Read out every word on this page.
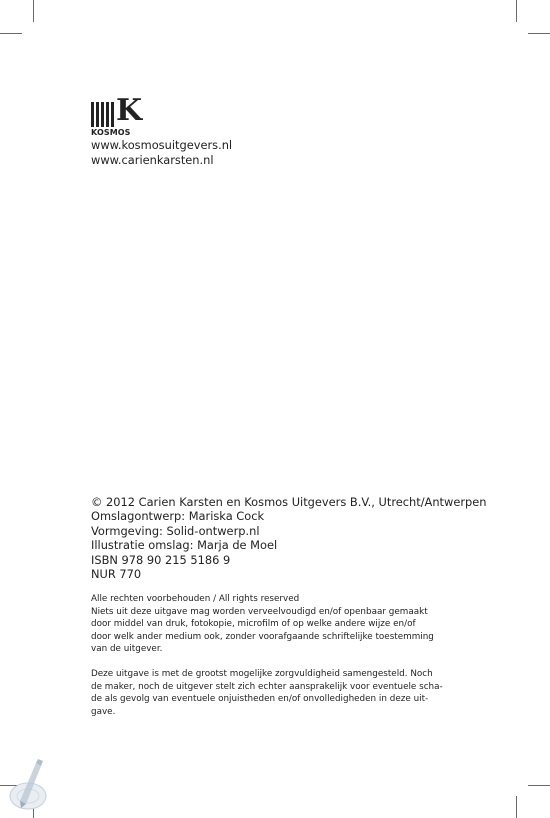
K
KOSMOS
www.kosmosuitgevers.nl
www.carienkarsten.nl
© 2012 Carien Karsten en Kosmos Uitgevers B.V., Utrecht/Antwerpen
Omslagontwerp: Mariska Cock
Vormgeving: Solid-ontwerp.nl
Illustratie omslag: Marja de Moel
ISBN 978 90 215 5186 9
NUR 770

Alle rechten voorbehouden / All rights reserved

Niets uit deze uitgave mag worden verveelvoudigd en/of openbaar gemaakt
door middel van druk, fotokopie, microfilm of op welke andere wijze en/of
door welk ander medium ook, zonder voorafgaande schriftelijke toestemming
van de uitgever.

Deze uitgave is met de grootst mogelijke zorgvuldigheid samengesteld. Noch
de maker, noch de uitgever stelt zich echter aansprakelijk voor eventuele scha-
de als gevolg van eventuele onjuistheden en/of onvolledigheden in deze uit-
gave.
